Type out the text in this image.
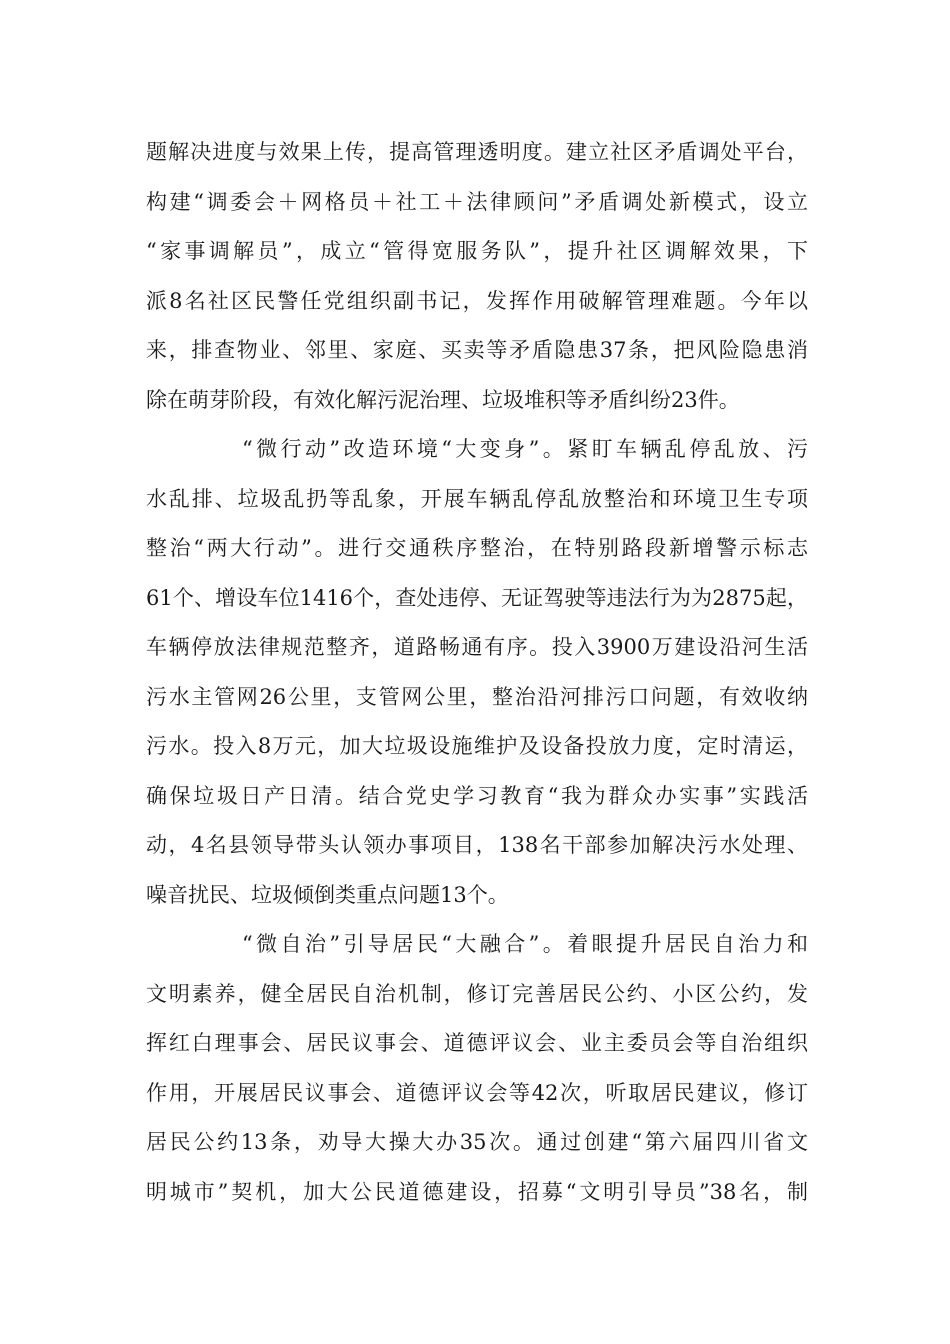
题解决进度与效果上传，提高管理透明度。建立社区矛盾调处平台，
构建“调委会＋网格员＋社工＋法律顾问”矛盾调处新模式，设立
“家事调解员”，成立“管得宽服务队”，提升社区调解效果，下
派8名社区民警任党组织副书记，发挥作用破解管理难题。今年以
来，排查物业、邻里、家庭、买卖等矛盾隐患37条，把风险隐患消
除在萌芽阶段，有效化解污泥治理、垃圾堆积等矛盾纠纷23件。
“微行动”改造环境“大变身”。紧盯车辆乱停乱放、污
水乱排、垃圾乱扔等乱象，开展车辆乱停乱放整治和环境卫生专项
整治“两大行动”。进行交通秩序整治，在特别路段新增警示标志
61个、增设车位1416个，查处违停、无证驾驶等违法行为为2875起，
车辆停放法律规范整齐，道路畅通有序。投入3900万建设沿河生活
污水主管网26公里，支管网公里，整治沿河排污口问题，有效收纳
污水。投入8万元，加大垃圾设施维护及设备投放力度，定时清运，
确保垃圾日产日清。结合党史学习教育“我为群众办实事”实践活
动，4名县领导带头认领办事项目，138名干部参加解决污水处理、
噪音扰民、垃圾倾倒类重点问题13个。
“微自治”引导居民“大融合”。着眼提升居民自治力和
文明素养，健全居民自治机制，修订完善居民公约、小区公约，发
挥红白理事会、居民议事会、道德评议会、业主委员会等自治组织
作用，开展居民议事会、道德评议会等42次，听取居民建议，修订
居民公约13条，劝导大操大办35次。通过创建“第六届四川省文
明城市”契机，加大公民道德建设，招募“文明引导员”38名，制
